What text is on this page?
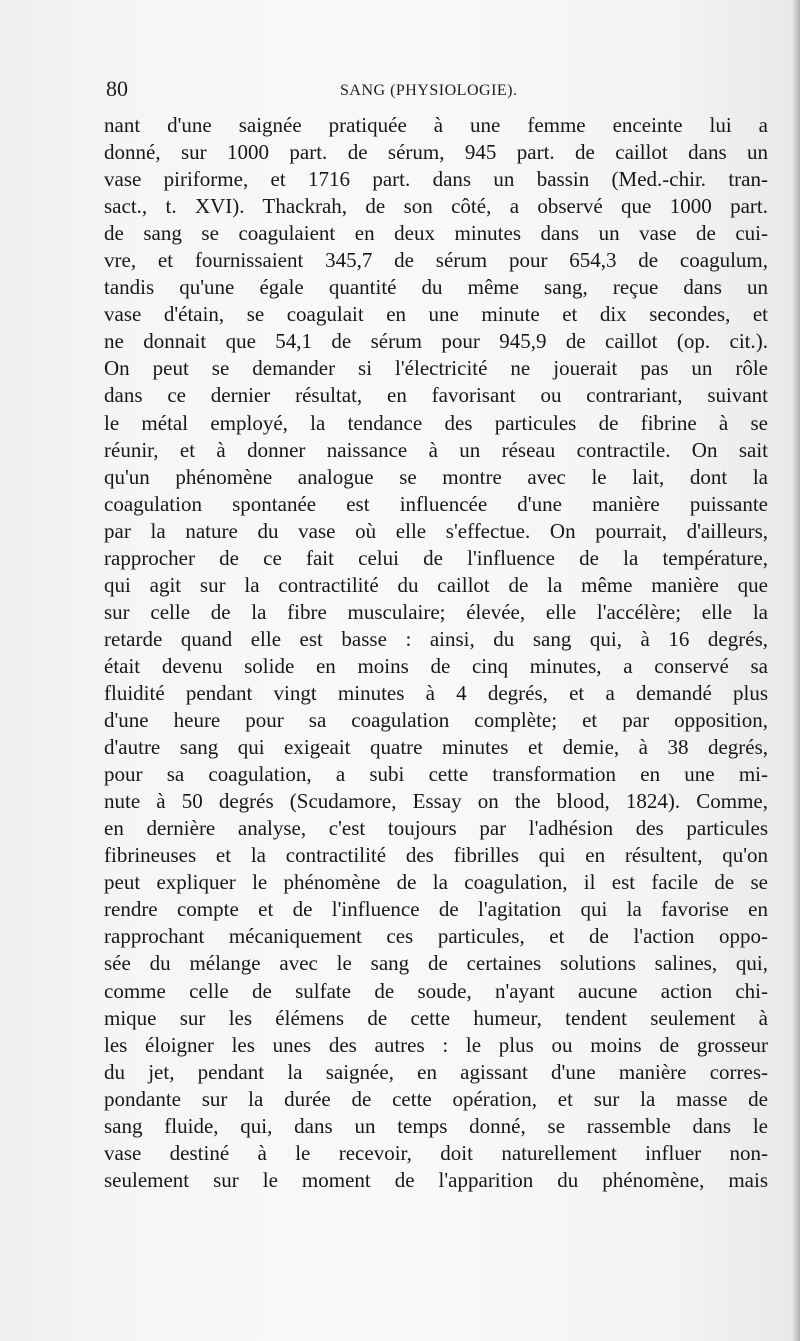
80	SANG (PHYSIOLOGIE).
nant d'une saignée pratiquée à une femme enceinte lui a
donné, sur 1000 part. de sérum, 945 part. de caillot dans un
vase piriforme, et 1716 part. dans un bassin (Med.-chir. tran-
sact., t. XVI). Thackrah, de son côté, a observé que 1000 part.
de sang se coagulaient en deux minutes dans un vase de cui-
vre, et fournissaient 345,7 de sérum pour 654,3 de coagulum,
tandis qu'une égale quantité du même sang, reçue dans un
vase d'étain, se coagulait en une minute et dix secondes, et
ne donnait que 54,1 de sérum pour 945,9 de caillot (op. cit.).
On peut se demander si l'électricité ne jouerait pas un rôle
dans ce dernier résultat, en favorisant ou contrariant, suivant
le métal employé, la tendance des particules de fibrine à se
réunir, et à donner naissance à un réseau contractile. On sait
qu'un phénomène analogue se montre avec le lait, dont la
coagulation spontanée est influencée d'une manière puissante
par la nature du vase où elle s'effectue. On pourrait, d'ailleurs,
rapprocher de ce fait celui de l'influence de la température,
qui agit sur la contractilité du caillot de la même manière que
sur celle de la fibre musculaire; élevée, elle l'accélère; elle la
retarde quand elle est basse : ainsi, du sang qui, à 16 degrés,
était devenu solide en moins de cinq minutes, a conservé sa
fluidité pendant vingt minutes à 4 degrés, et a demandé plus
d'une heure pour sa coagulation complète; et par opposition,
d'autre sang qui exigeait quatre minutes et demie, à 38 degrés,
pour sa coagulation, a subi cette transformation en une mi-
nute à 50 degrés (Scudamore, Essay on the blood, 1824). Comme,
en dernière analyse, c'est toujours par l'adhésion des particules
fibrineuses et la contractilité des fibrilles qui en résultent, qu'on
peut expliquer le phénomène de la coagulation, il est facile de se
rendre compte et de l'influence de l'agitation qui la favorise en
rapprochant mécaniquement ces particules, et de l'action oppo-
sée du mélange avec le sang de certaines solutions salines, qui,
comme celle de sulfate de soude, n'ayant aucune action chi-
mique sur les élémens de cette humeur, tendent seulement à
les éloigner les unes des autres : le plus ou moins de grosseur
du jet, pendant la saignée, en agissant d'une manière corres-
pondante sur la durée de cette opération, et sur la masse de
sang fluide, qui, dans un temps donné, se rassemble dans le
vase destiné à le recevoir, doit naturellement influer non-
seulement sur le moment de l'apparition du phénomène, mais
